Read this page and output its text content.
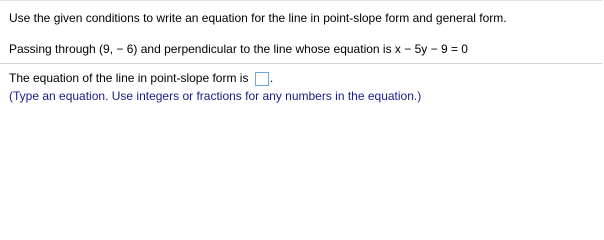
Use the given conditions to write an equation for the line in point-slope form and general form.
Passing through (9, − 6) and perpendicular to the line whose equation is x − 5y − 9 = 0
The equation of the line in point-slope form is .
(Type an equation. Use integers or fractions for any numbers in the equation.)
